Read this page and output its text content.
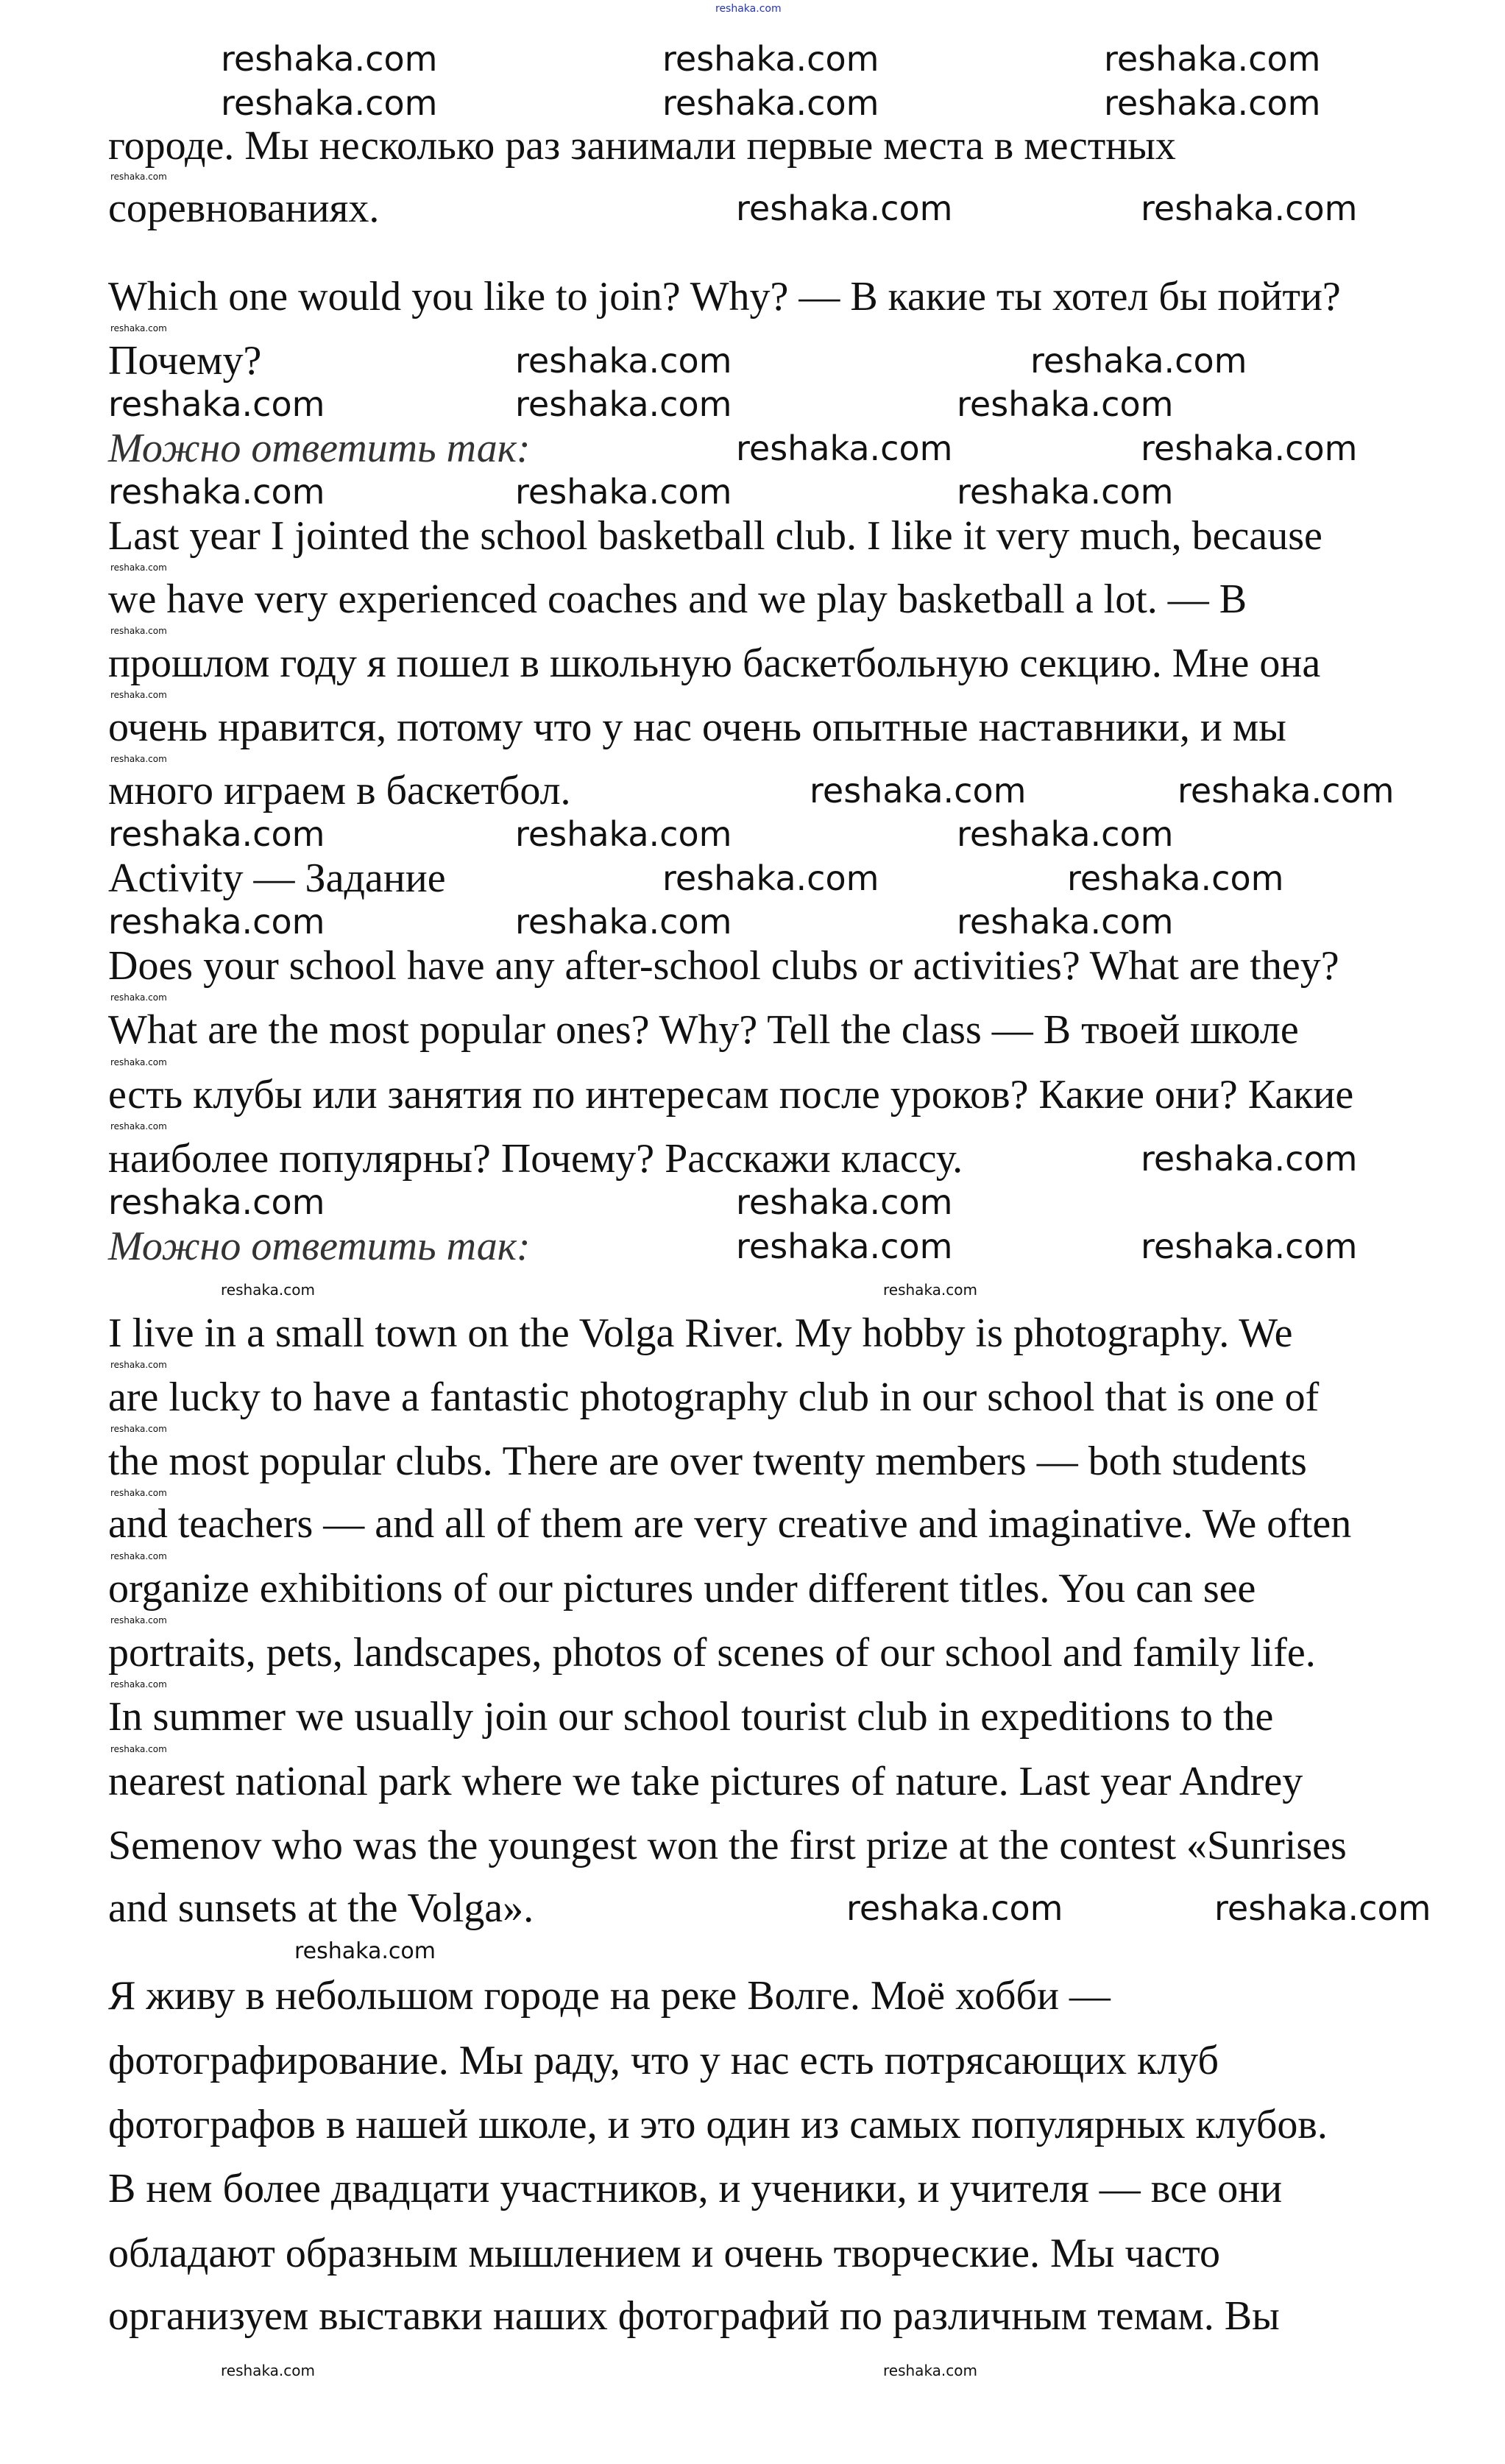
reshaka.com
городе. Мы несколько раз занимали первые места в местных
соревнованиях.
Which one would you like to join? Why? — В какие ты хотел бы пойти?
Почему?
Можно ответить так:
Last year I jointed the school basketball club. I like it very much, because
we have very experienced coaches and we play basketball a lot. — В
прошлом году я пошел в школьную баскетбольную секцию. Мне она
очень нравится, потому что у нас очень опытные наставники, и мы
много играем в баскетбол.
Activity — Задание
Does your school have any after-school clubs or activities? What are they?
What are the most popular ones? Why? Tell the class — В твоей школе
есть клубы или занятия по интересам после уроков? Какие они? Какие
наиболее популярны? Почему? Расскажи классу.
Можно ответить так:
I live in a small town on the Volga River. My hobby is photography. We
are lucky to have a fantastic photography club in our school that is one of
the most popular clubs. There are over twenty members — both students
and teachers — and all of them are very creative and imaginative. We often
organize exhibitions of our pictures under different titles. You can see
portraits, pets, landscapes, photos of scenes of our school and family life.
In summer we usually join our school tourist club in expeditions to the
nearest national park where we take pictures of nature. Last year Andrey
Semenov who was the youngest won the first prize at the contest «Sunrises
and sunsets at the Volga».
Я живу в небольшом городе на реке Волге. Моё хобби —
фотографирование. Мы раду, что у нас есть потрясающих клуб
фотографов в нашей школе, и это один из самых популярных клубов.
В нем более двадцати участников, и ученики, и учителя — все они
обладают образным мышлением и очень творческие. Мы часто
организуем выставки наших фотографий по различным темам. Вы
reshaka.com	reshaka.com	reshaka.com
reshaka.com	reshaka.com	reshaka.com
reshaka.com	reshaka.com
reshaka.com	reshaka.com	reshaka.com
reshaka.com	reshaka.com
reshaka.com	reshaka.com
reshaka.com	reshaka.com	reshaka.com
reshaka.com	reshaka.com
reshaka.com	reshaka.com	reshaka.com
reshaka.com	reshaka.com
reshaka.com	reshaka.com	reshaka.com
reshaka.com
reshaka.com	reshaka.com
reshaka.com	reshaka.com
reshaka.com	reshaka.com
reshaka.com
reshaka.com	reshaka.com
reshaka.com	reshaka.com
reshaka.com
reshaka.com
reshaka.com
reshaka.com
reshaka.com
reshaka.com
reshaka.com
reshaka.com
reshaka.com
reshaka.com
reshaka.com
reshaka.com
reshaka.com
reshaka.com
reshaka.com
reshaka.com
